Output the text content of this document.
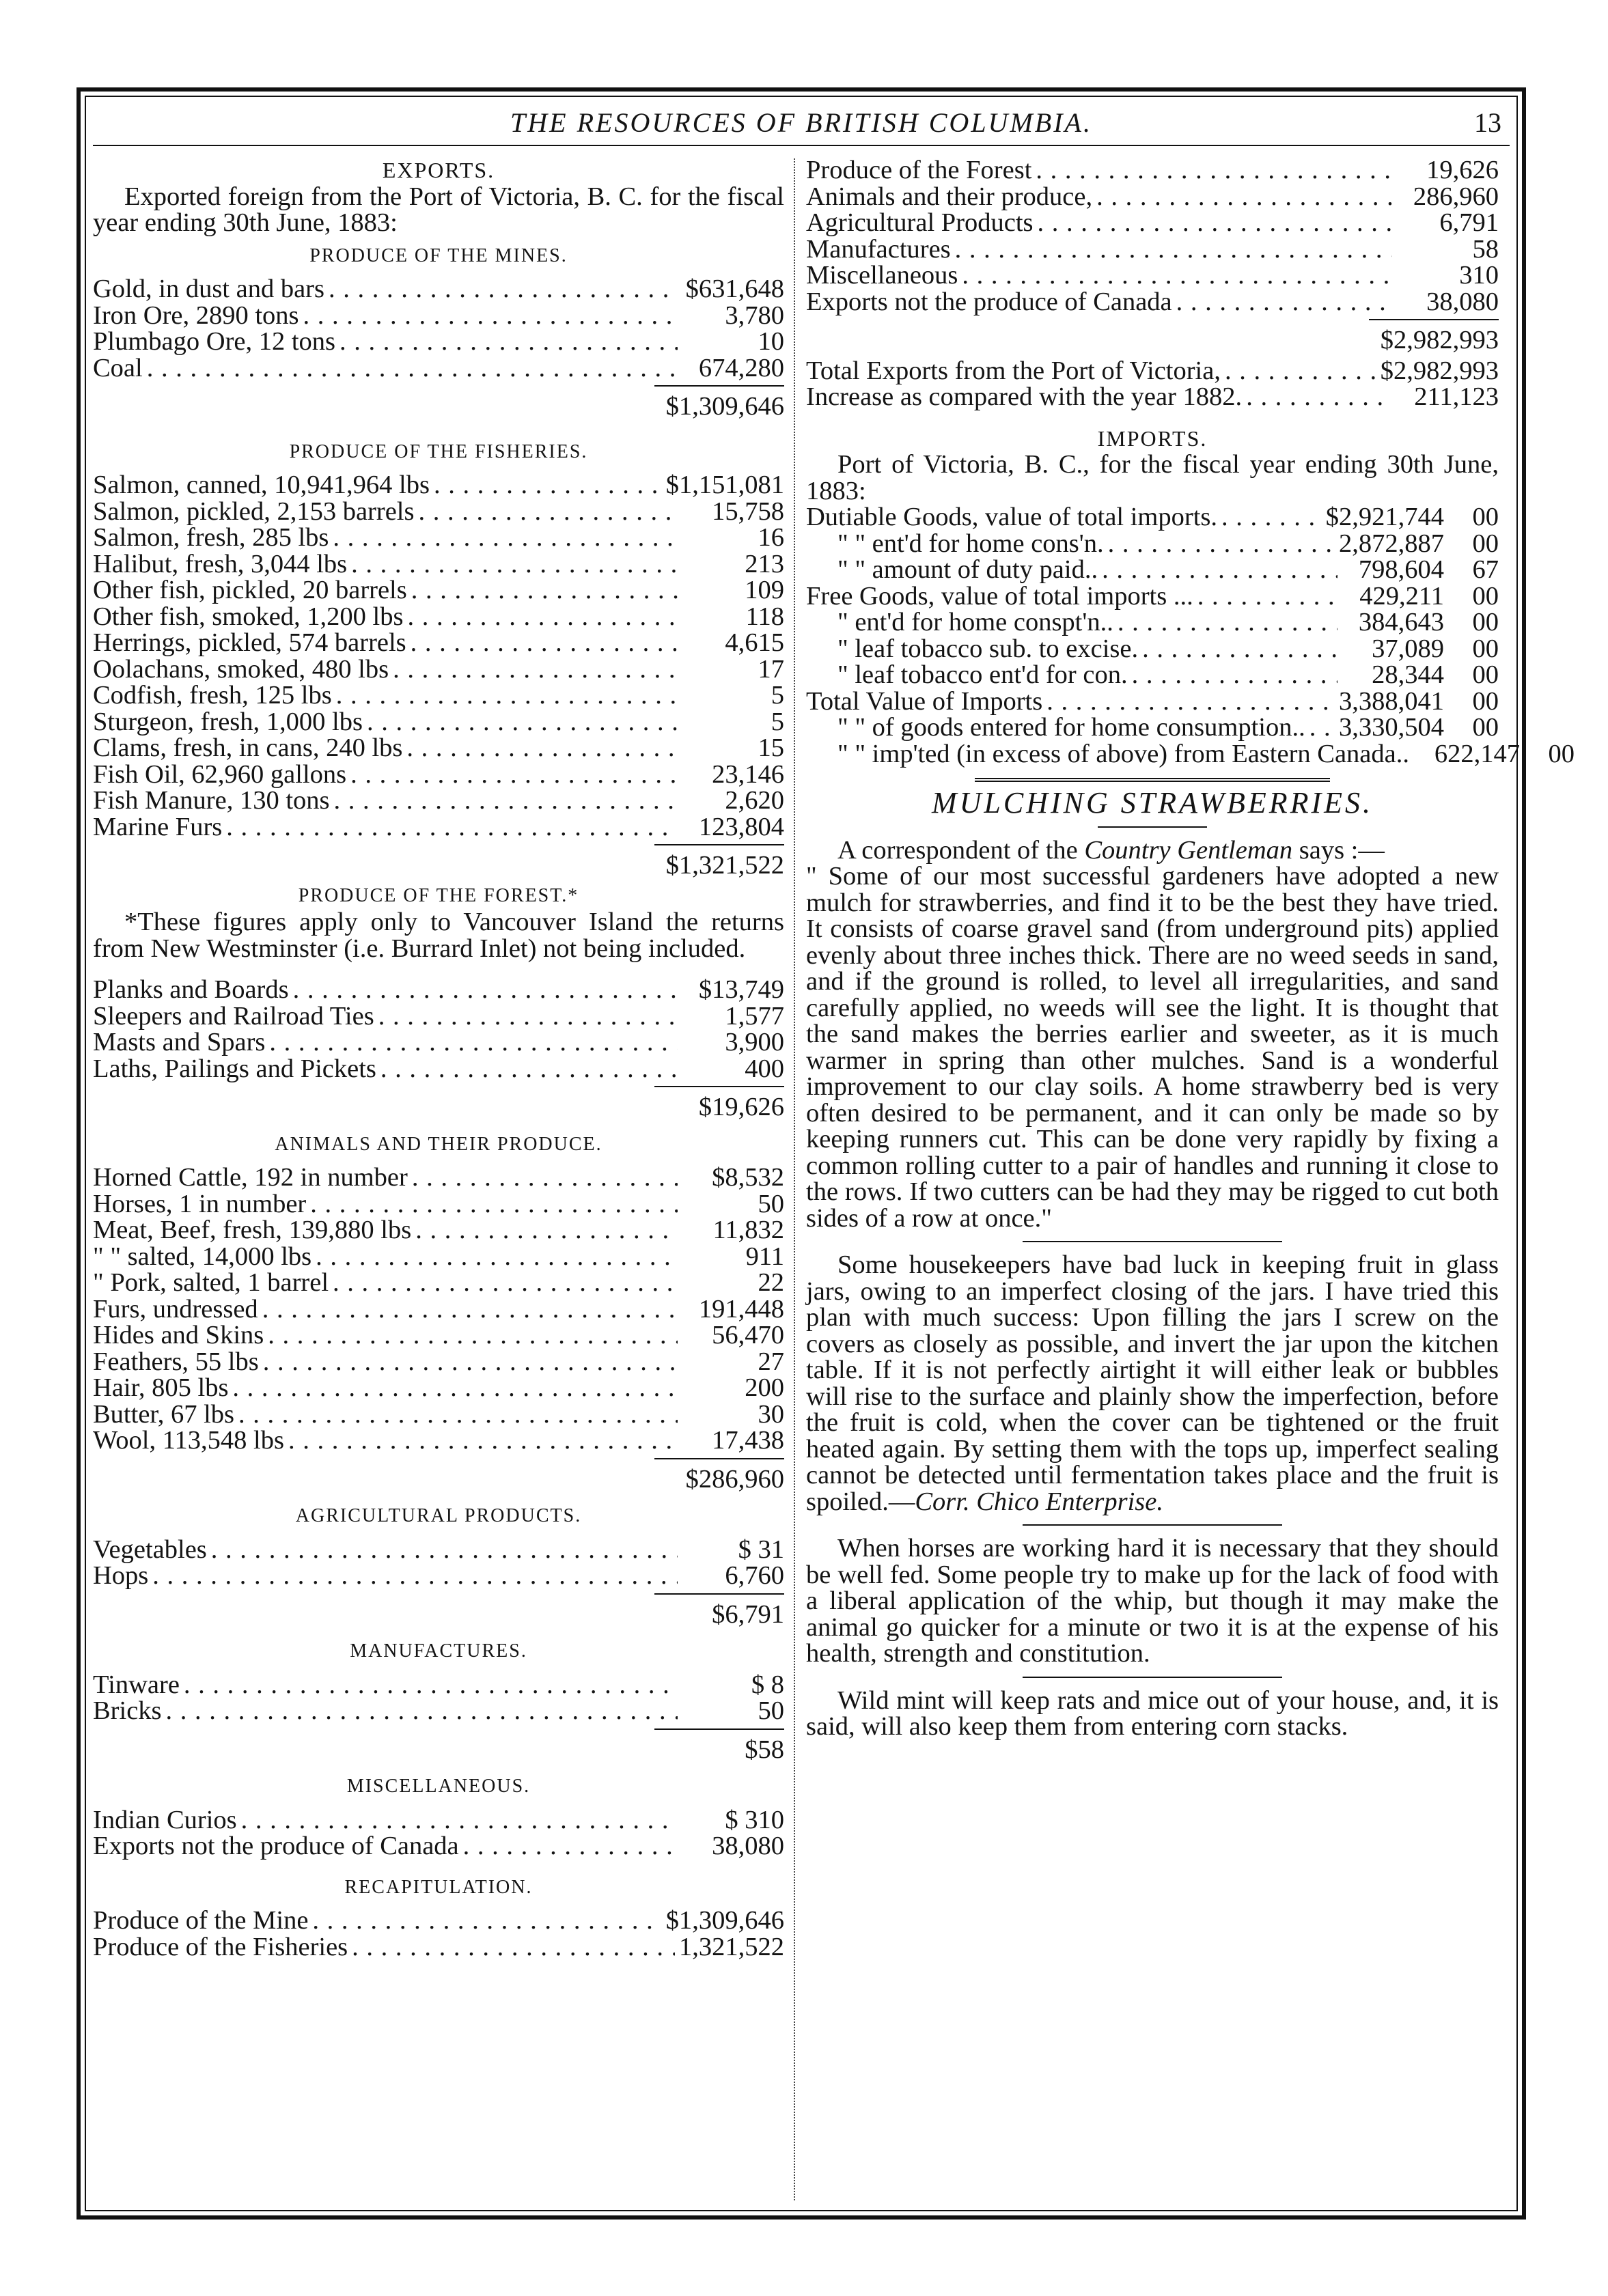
THE RESOURCES OF BRITISH COLUMBIA.	13
EXPORTS.
Exported foreign from the Port of Victoria, B. C. for the fiscal year ending 30th June, 1883:
PRODUCE OF THE MINES.
Gold, in dust and bars . . .	$631,648
Iron Ore, 2890 tons . . .	3,780
Plumbago Ore, 12 tons . . .	10
Coal . . .	674,280
$1,309,646
PRODUCE OF THE FISHERIES.
Salmon, canned, 10,941,964 lbs . . .	$1,151,081
Salmon, pickled, 2,153 barrels . . .	15,758
Salmon, fresh, 285 lbs . . .	16
Halibut, fresh, 3,044 lbs . . .	213
Other fish, pickled, 20 barrels . . .	109
Other fish, smoked, 1,200 lbs . . .	118
Herrings, pickled, 574 barrels . . .	4,615
Oolachans, smoked, 480 lbs . . .	17
Codfish, fresh, 125 lbs . . .	5
Sturgeon, fresh, 1,000 lbs . . .	5
Clams, fresh, in cans, 240 lbs . . .	15
Fish Oil, 62,960 gallons . . .	23,146
Fish Manure, 130 tons . . .	2,620
Marine Furs . . .	123,804
$1,321,522
PRODUCE OF THE FOREST.*
*These figures apply only to Vancouver Island the returns from New Westminster (i.e. Burrard Inlet) not being included.
Planks and Boards . . .	$13,749
Sleepers and Railroad Ties . . .	1,577
Masts and Spars . . .	3,900
Laths, Pailings and Pickets . . .	400
$19,626
ANIMALS AND THEIR PRODUCE.
Horned Cattle, 192 in number . . .	$8,532
Horses, 1 in number . . .	50
Meat, Beef, fresh, 139,880 lbs . . .	11,832
" " salted, 14,000 lbs . . .	911
" Pork, salted, 1 barrel . . .	22
Furs, undressed . . .	191,448
Hides and Skins . . .	56,470
Feathers, 55 lbs . . .	27
Hair, 805 lbs . . .	200
Butter, 67 lbs . . .	30
Wool, 113,548 lbs . . .	17,438
$286,960
AGRICULTURAL PRODUCTS.
Vegetables . . .	$ 31
Hops . . .	6,760
$6,791
MANUFACTURES.
Tinware . . .	$ 8
Bricks . . .	50
$58
MISCELLANEOUS.
Indian Curios . . .	$ 310
Exports not the produce of Canada . . .	38,080
RECAPITULATION.
Produce of the Mine . . .	$1,309,646
Produce of the Fisheries . . .	1,321,522
Produce of the Forest . . .	19,626
Animals and their produce, . . .	286,960
Agricultural Products . . .	6,791
Manufactures . . .	58
Miscellaneous . . .	310
Exports not the produce of Canada . . .	38,080
$2,982,993
Total Exports from the Port of Victoria, . . .	$2,982,993
Increase as compared with the year 1882. . . .	211,123
IMPORTS.
Port of Victoria, B. C., for the fiscal year ending 30th June, 1883:
Dutiable Goods, value of total imports. . . .	$2,921,744	00
" " ent'd for home cons'n. . . .	2,872,887	00
" " amount of duty paid.. . . .	798,604	67
Free Goods, value of total imports ... . . .	429,211	00
" ent'd for home conspt'n.. . . .	384,643	00
" leaf tobacco sub. to excise. . . .	37,089	00
" leaf tobacco ent'd for con. . . .	28,344	00
Total Value of Imports . . .	3,388,041	00
" " of goods entered for home consumption.. . . . 3,330,504	00
" " imp'ted (in excess of above) from Eastern Canada.. 622,147	00
MULCHING STRAWBERRIES.
A correspondent of the Country Gentleman says :—
" Some of our most successful gardeners have adopted a new mulch for strawberries, and find it to be the best they have tried. It consists of coarse gravel sand (from underground pits) applied evenly about three inches thick. There are no weed seeds in sand, and if the ground is rolled, to level all irregularities, and sand carefully applied, no weeds will see the light. It is thought that the sand makes the berries earlier and sweeter, as it is much warmer in spring than other mulches. Sand is a wonderful improvement to our clay soils. A home strawberry bed is very often desired to be permanent, and it can only be made so by keeping runners cut. This can be done very rapidly by fixing a common rolling cutter to a pair of handles and running it close to the rows. If two cutters can be had they may be rigged to cut both sides of a row at once."
Some housekeepers have bad luck in keeping fruit in glass jars, owing to an imperfect closing of the jars. I have tried this plan with much success: Upon filling the jars I screw on the covers as closely as possible, and invert the jar upon the kitchen table. If it is not perfectly airtight it will either leak or bubbles will rise to the surface and plainly show the imperfection, before the fruit is cold, when the cover can be tightened or the fruit heated again. By setting them with the tops up, imperfect sealing cannot be detected until fermentation takes place and the fruit is spoiled.—Corr. Chico Enterprise.
When horses are working hard it is necessary that they should be well fed. Some people try to make up for the lack of food with a liberal application of the whip, but though it may make the animal go quicker for a minute or two it is at the expense of his health, strength and constitution.
Wild mint will keep rats and mice out of your house, and, it is said, will also keep them from entering corn stacks.
